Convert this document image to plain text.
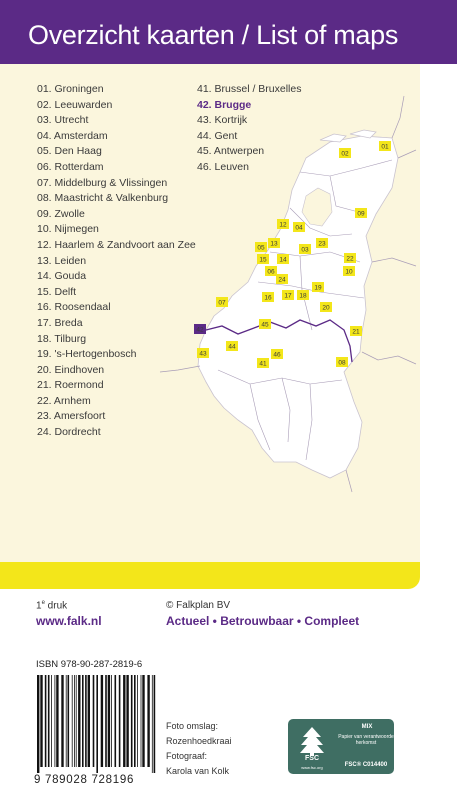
Overzicht kaarten / List of maps
01
02
09
12 04
05
13
03
23
22
15 14
10
06
24
19
16 17 18
07
20
42
45
21
44
43	46
41	08
01. Groningen
02. Leeuwarden
03. Utrecht
04. Amsterdam
05. Den Haag
06. Rotterdam
07. Middelburg & Vlissingen
08. Maastricht & Valkenburg
09. Zwolle
10. Nijmegen
12. Haarlem & Zandvoort aan Zee
13. Leiden
14. Gouda
15. Delft
16. Roosendaal
17. Breda
18. Tilburg
19. 's-Hertogenbosch
20. Eindhoven
21. Roermond
22. Arnhem
23. Amersfoort
24. Dordrecht
41. Brussel / Bruxelles
42. Brugge
43. Kortrijk
44. Gent
45. Antwerpen
46. Leuven
1e druk
www.falk.nl
© Falkplan BV
Actueel • Betrouwbaar • Compleet
ISBN 978-90-287-2819-6
9 789028 728196
Foto omslag:
Rozenhoedkraai
Fotograaf:
Karola van Kolk
FSC
www.fsc.org
MIX
Papier van verantwoorde herkomst
FSC® C014400
